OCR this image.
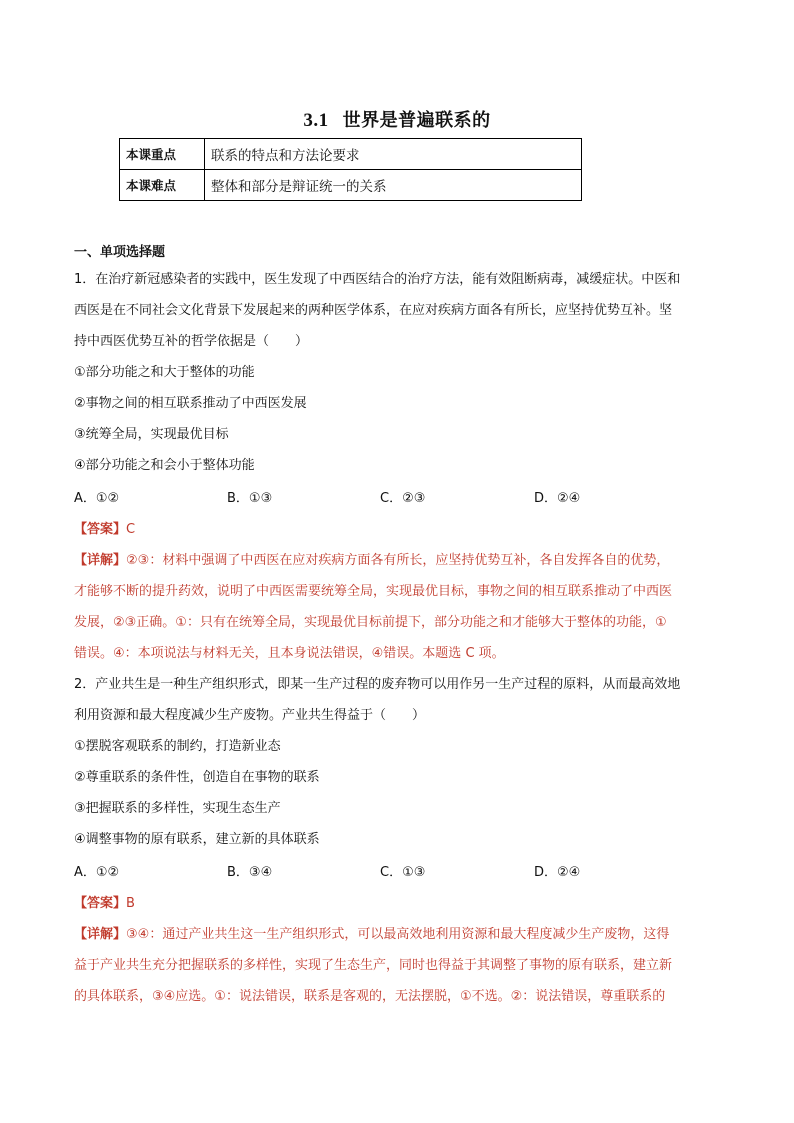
3.1 世界是普遍联系的
本课重点	联系的特点和方法论要求
本课难点	整体和部分是辩证统一的关系
一、单项选择题
1．在治疗新冠感染者的实践中，医生发现了中西医结合的治疗方法，能有效阻断病毒，减缓症状。中医和
西医是在不同社会文化背景下发展起来的两种医学体系，在应对疾病方面各有所长，应坚持优势互补。坚
持中西医优势互补的哲学依据是（　　）
①部分功能之和大于整体的功能
②事物之间的相互联系推动了中西医发展
③统筹全局，实现最优目标
④部分功能之和会小于整体功能
A．①②	B．①③	C．②③	D．②④
【答案】C
【详解】②③：材料中强调了中西医在应对疾病方面各有所长，应坚持优势互补，各自发挥各自的优势，
才能够不断的提升药效，说明了中西医需要统筹全局，实现最优目标，事物之间的相互联系推动了中西医
发展，②③正确。①：只有在统筹全局，实现最优目标前提下，部分功能之和才能够大于整体的功能，①
错误。④：本项说法与材料无关，且本身说法错误，④错误。本题选 C 项。
2．产业共生是一种生产组织形式，即某一生产过程的废弃物可以用作另一生产过程的原料，从而最高效地
利用资源和最大程度减少生产废物。产业共生得益于（　　）
①摆脱客观联系的制约，打造新业态
②尊重联系的条件性，创造自在事物的联系
③把握联系的多样性，实现生态生产
④调整事物的原有联系，建立新的具体联系
A．①②	B．③④	C．①③	D．②④
【答案】B
【详解】③④：通过产业共生这一生产组织形式，可以最高效地利用资源和最大程度减少生产废物，这得
益于产业共生充分把握联系的多样性，实现了生态生产，同时也得益于其调整了事物的原有联系，建立新
的具体联系，③④应选。①：说法错误，联系是客观的，无法摆脱，①不选。②：说法错误，尊重联系的
